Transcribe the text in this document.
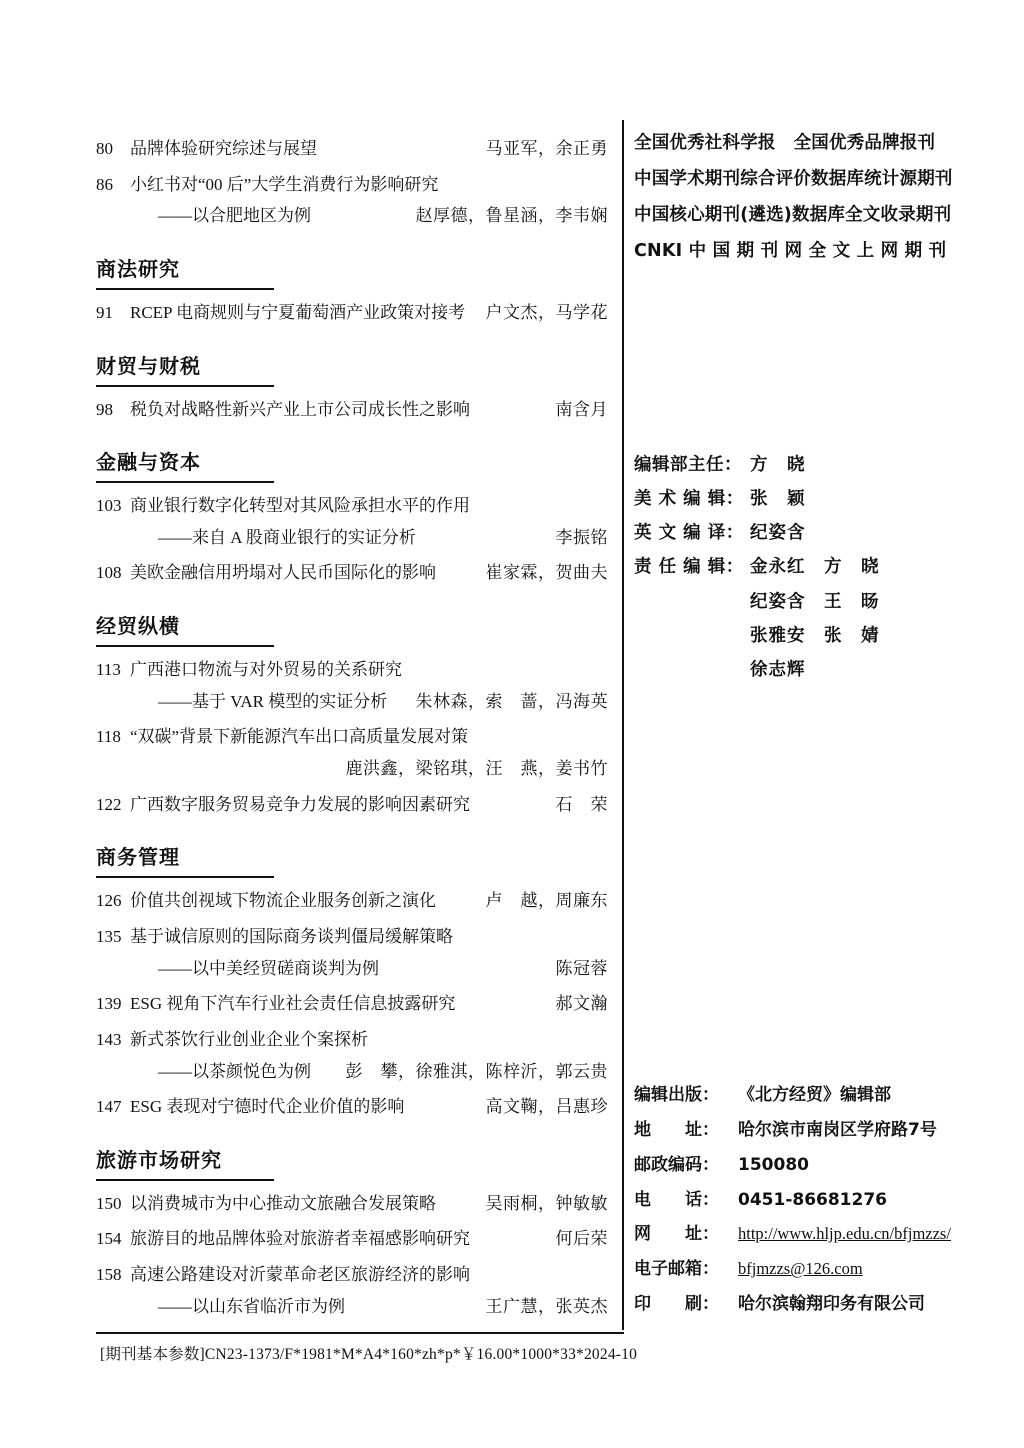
80	品牌体验研究综述与展望	马亚军，余正勇
86	小红书对“00 后”大学生消费行为影响研究
——以合肥地区为例	赵厚德，鲁星涵，李韦娴
商法研究
91	RCEP 电商规则与宁夏葡萄酒产业政策对接考	户文杰，马学花
财贸与财税
98	税负对战略性新兴产业上市公司成长性之影响	南含月
金融与资本
103 商业银行数字化转型对其风险承担水平的作用
——来自 A 股商业银行的实证分析	李振铭
108 美欧金融信用坍塌对人民币国际化的影响	崔家霖，贺曲夫
经贸纵横
113 广西港口物流与对外贸易的关系研究
——基于 VAR 模型的实证分析	朱林森，索　蔷，冯海英
118 “双碳”背景下新能源汽车出口高质量发展对策
鹿洪鑫，梁铭琪，汪　燕，姜书竹
122 广西数字服务贸易竞争力发展的影响因素研究	石　荣
商务管理
126 价值共创视域下物流企业服务创新之演化	卢　越，周廉东
135 基于诚信原则的国际商务谈判僵局缓解策略
——以中美经贸磋商谈判为例	陈冠蓉
139 ESG 视角下汽车行业社会责任信息披露研究	郝文瀚
143 新式茶饮行业创业企业个案探析
——以茶颜悦色为例	彭　攀，徐雅淇，陈梓沂，郭云贵
147 ESG 表现对宁德时代企业价值的影响	高文鞠，吕惠珍
旅游市场研究
150 以消费城市为中心推动文旅融合发展策略	吴雨桐，钟敏敏
154 旅游目的地品牌体验对旅游者幸福感影响研究	何后荣
158 高速公路建设对沂蒙革命老区旅游经济的影响
——以山东省临沂市为例	王广慧，张英杰
全国优秀社科学报 全国优秀品牌报刊
中国学术期刊综合评价数据库统计源期刊
中国核心期刊(遴选)数据库全文收录期刊
CNKI 中 国 期 刊 网 全 文 上 网 期 刊
编辑部主任： 方　晓
美 术 编 辑： 张　颖
英 文 编 译： 纪姿含
责 任 编 辑： 金永红　方　晓
纪姿含　王　旸
张雅安　张　婧
徐志辉
编辑出版：	《北方经贸》编辑部
地　　址：	哈尔滨市南岗区学府路7号
邮政编码：	150080
电　　话：	0451-86681276
网　　址：	http://www.hljp.edu.cn/bfjmzzs/
电子邮箱：	bfjmzzs@126.com
印　　刷：	哈尔滨翰翔印务有限公司
[期刊基本参数]CN23-1373/F*1981*M*A4*160*zh*p*￥16.00*1000*33*2024-10
